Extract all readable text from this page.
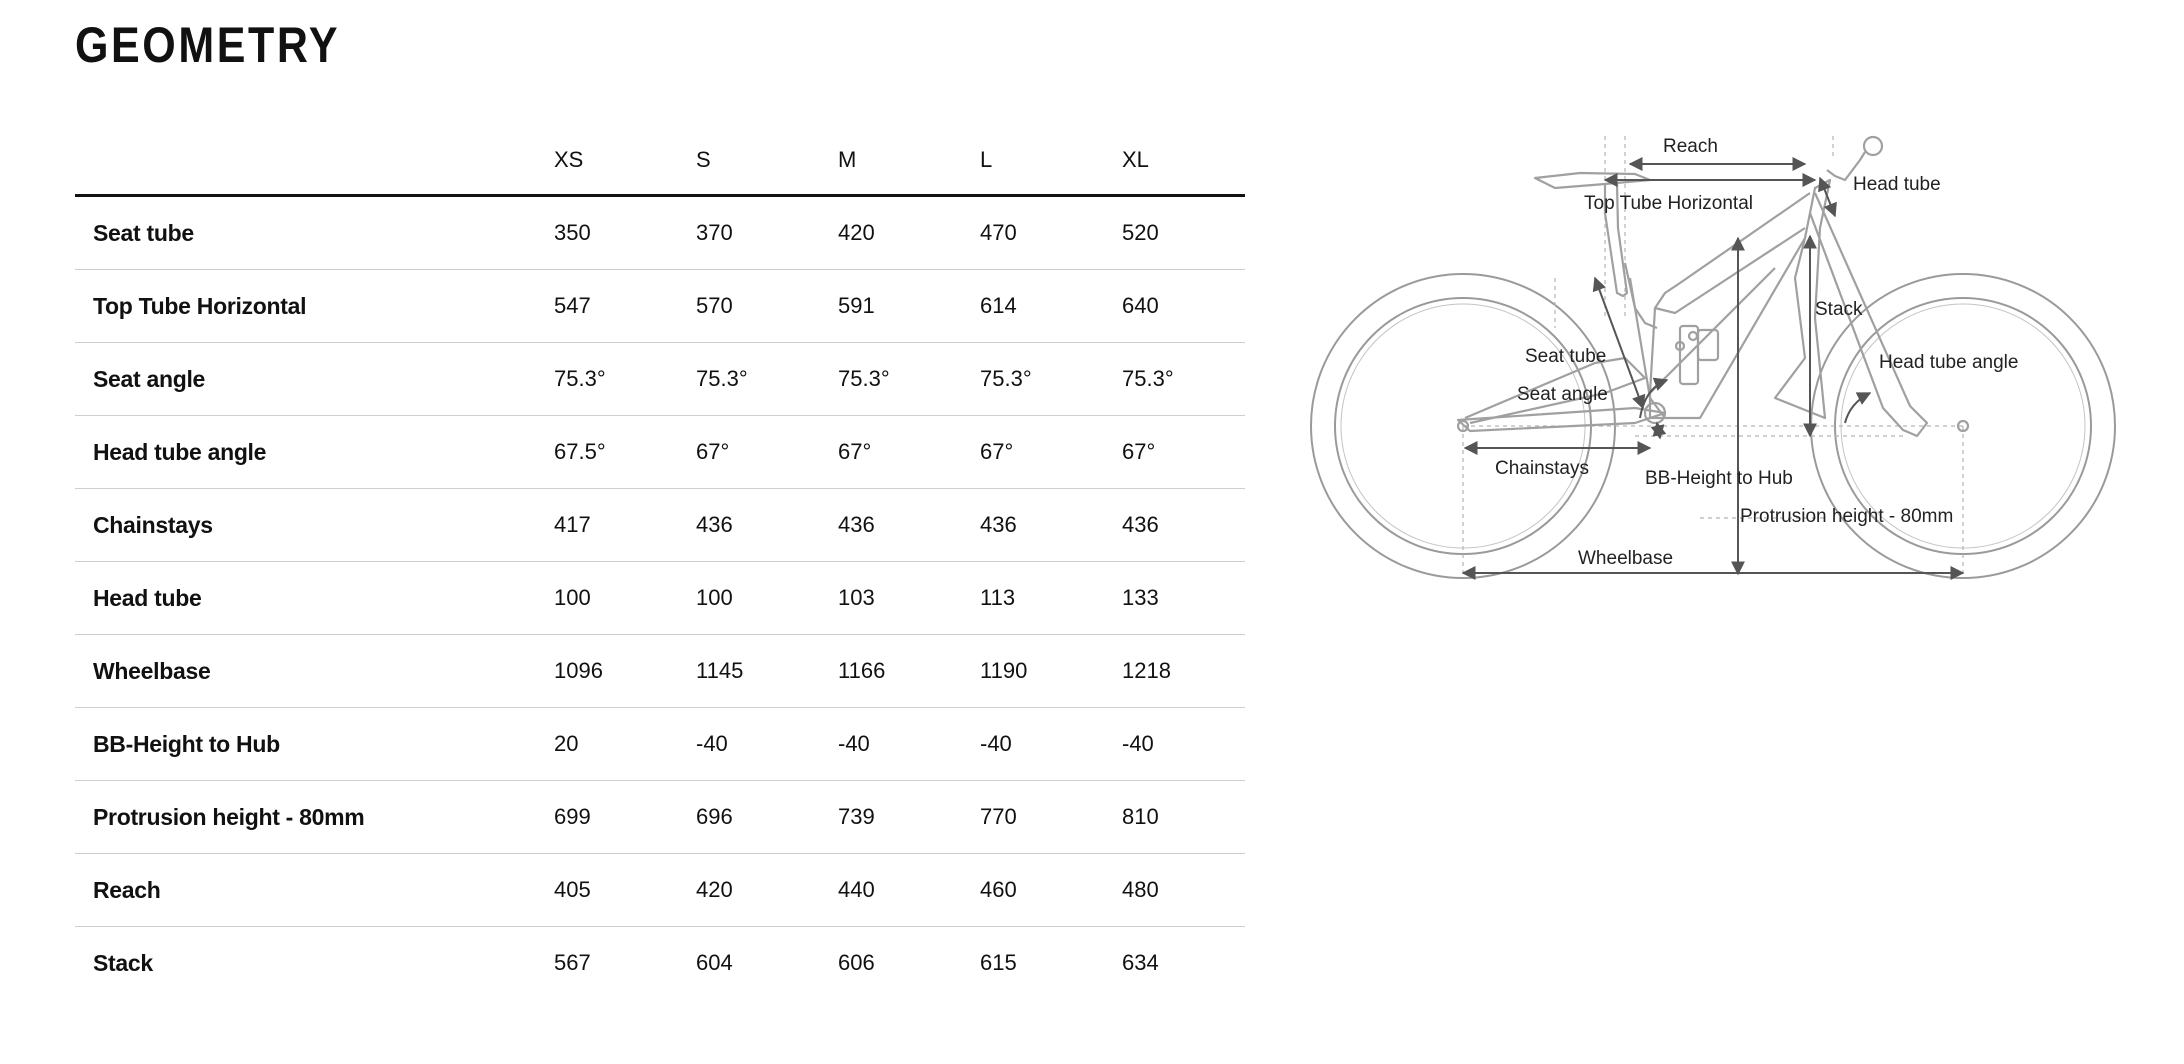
GEOMETRY
	XS	S	M	L	XL
Seat tube	350	370	420	470	520
Top Tube Horizontal	547	570	591	614	640
Seat angle	75.3°	75.3°	75.3°	75.3°	75.3°
Head tube angle	67.5°	67°	67°	67°	67°
Chainstays	417	436	436	436	436
Head tube	100	100	103	113	133
Wheelbase	1096	1145	1166	1190	1218
BB-Height to Hub	20	-40	-40	-40	-40
Protrusion height - 80mm	699	696	739	770	810
Reach	405	420	440	460	480
Stack	567	604	606	615	634
Reach
Top Tube Horizontal
Head tube
Stack
Seat tube	Head tube angle
Seat angle
Chainstays	BB-Height to Hub
Protrusion height - 80mm
Wheelbase
